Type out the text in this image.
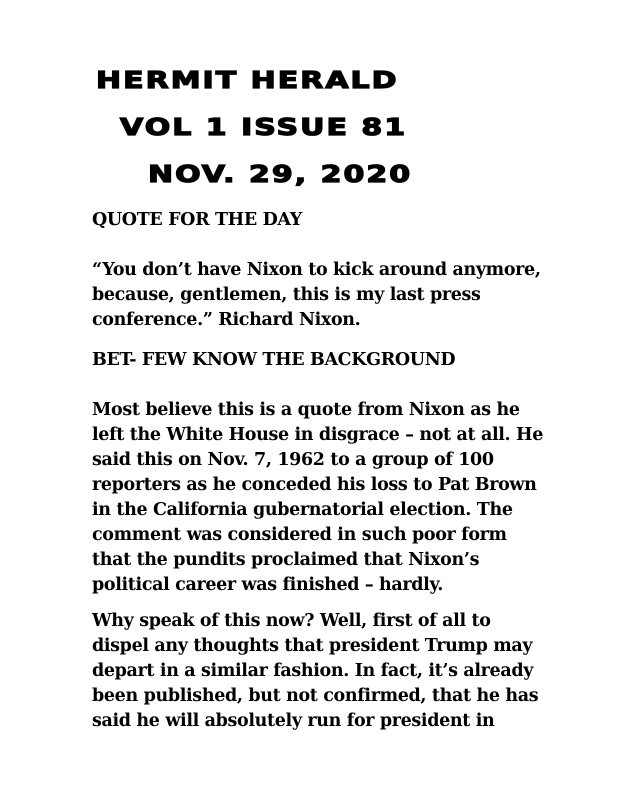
HERMIT HERALD
VOL 1 ISSUE 81
NOV. 29, 2020

QUOTE FOR THE DAY

“You don’t have Nixon to kick around anymore,
because, gentlemen, this is my last press
conference.” Richard Nixon.

BET- FEW KNOW THE BACKGROUND

Most believe this is a quote from Nixon as he
left the White House in disgrace – not at all. He
said this on Nov. 7, 1962 to a group of 100
reporters as he conceded his loss to Pat Brown
in the California gubernatorial election. The
comment was considered in such poor form
that the pundits proclaimed that Nixon’s
political career was finished – hardly.

Why speak of this now? Well, first of all to
dispel any thoughts that president Trump may
depart in a similar fashion. In fact, it’s already
been published, but not confirmed, that he has
said he will absolutely run for president in
